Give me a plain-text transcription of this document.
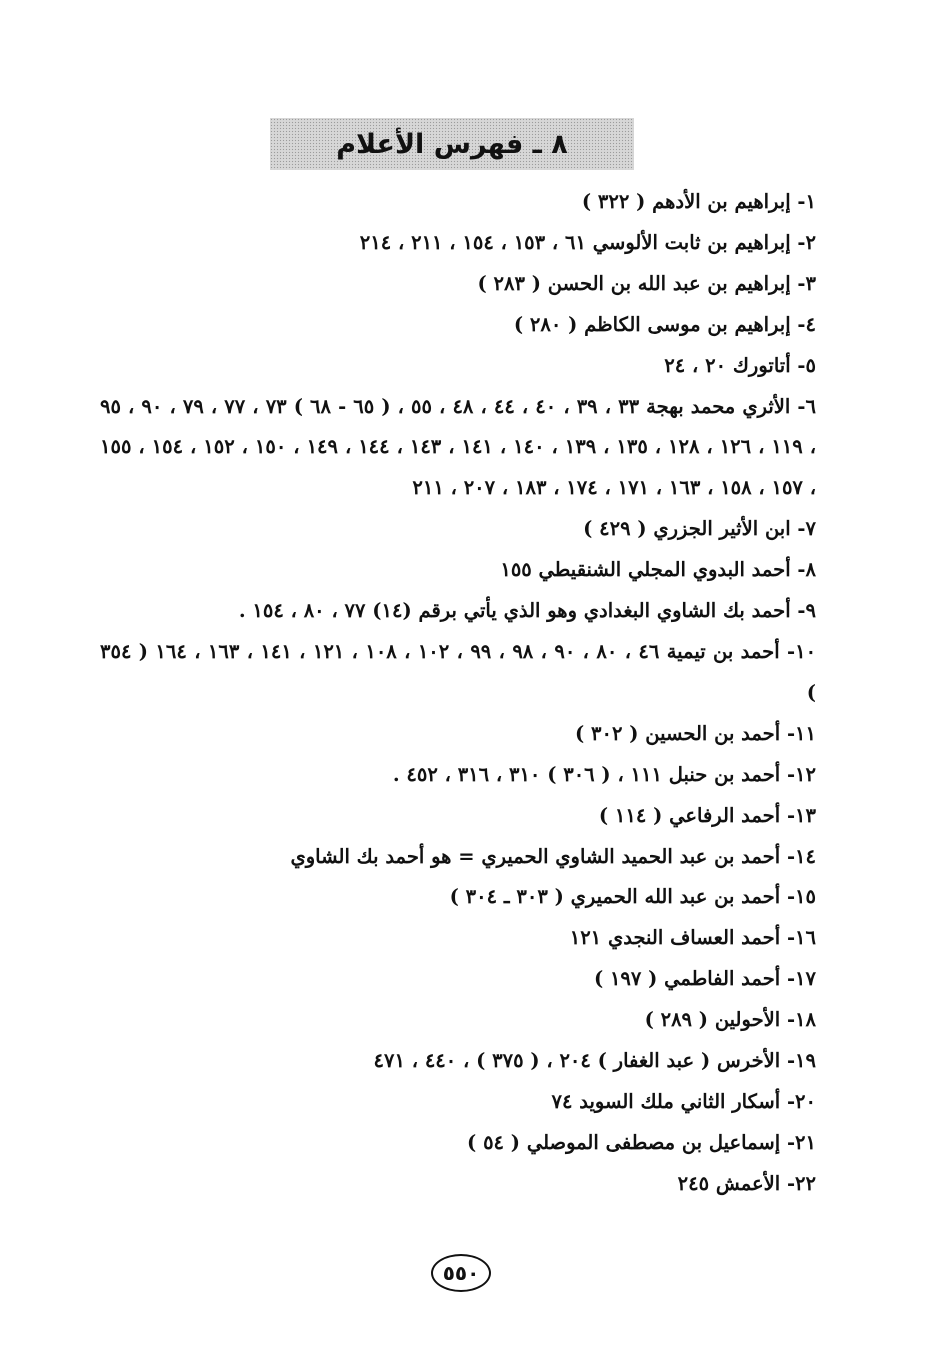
٨ ـ فهرس الأعلام
١- إبراهيم بن الأدهم ( ٣٢٢ )
٢- إبراهيم بن ثابت الألوسي ٦١ ، ١٥٣ ، ١٥٤ ، ٢١١ ، ٢١٤
٣- إبراهيم بن عبد الله بن الحسن ( ٢٨٣ )
٤- إبراهيم بن موسى الكاظم ( ٢٨٠ )
٥- أتاتورك ٢٠ ، ٢٤
٦- الأثري محمد بهجة ٣٣ ، ٣٩ ، ٤٠ ، ٤٤ ، ٤٨ ، ٥٥ ، ( ٦٥ - ٦٨ ) ٧٣ ، ٧٧ ، ٧٩ ، ٩٠ ، ٩٥ ، ١١٩ ، ١٢٦ ، ١٢٨ ، ١٣٥ ، ١٣٩ ، ١٤٠ ، ١٤١ ، ١٤٣ ، ١٤٤ ، ١٤٩ ، ١٥٠ ، ١٥٢ ، ١٥٤ ، ١٥٥ ، ١٥٧ ، ١٥٨ ، ١٦٣ ، ١٧١ ، ١٧٤ ، ١٨٣ ، ٢٠٧ ، ٢١١
٧- ابن الأثير الجزري ( ٤٢٩ )
٨- أحمد البدوي المجلي الشنقيطي ١٥٥
٩- أحمد بك الشاوي البغدادي وهو الذي يأتي برقم (١٤) ٧٧ ، ٨٠ ، ١٥٤ .
١٠- أحمد بن تيمية ٤٦ ، ٨٠ ، ٩٠ ، ٩٨ ، ٩٩ ، ١٠٢ ، ١٠٨ ، ١٢١ ، ١٤١ ، ١٦٣ ، ١٦٤ ( ٣٥٤ )
١١- أحمد بن الحسين ( ٣٠٢ )
١٢- أحمد بن حنبل ١١١ ، ( ٣٠٦ ) ٣١٠ ، ٣١٦ ، ٤٥٢ .
١٣- أحمد الرفاعي ( ١١٤ )
١٤- أحمد بن عبد الحميد الشاوي الحميري = هو أحمد بك الشاوي
١٥- أحمد بن عبد الله الحميري ( ٣٠٣ ـ ٣٠٤ )
١٦- أحمد العساف النجدي ١٢١
١٧- أحمد الفاطمي ( ١٩٧ )
١٨- الأحولين ( ٢٨٩ )
١٩- الأخرس ( عبد الغفار ) ٢٠٤ ، ( ٣٧٥ ) ، ٤٤٠ ، ٤٧١
٢٠- أسكار الثاني ملك السويد ٧٤
٢١- إسماعيل بن مصطفى الموصلي ( ٥٤ )
٢٢- الأعمش ٢٤٥
٥٥٠
